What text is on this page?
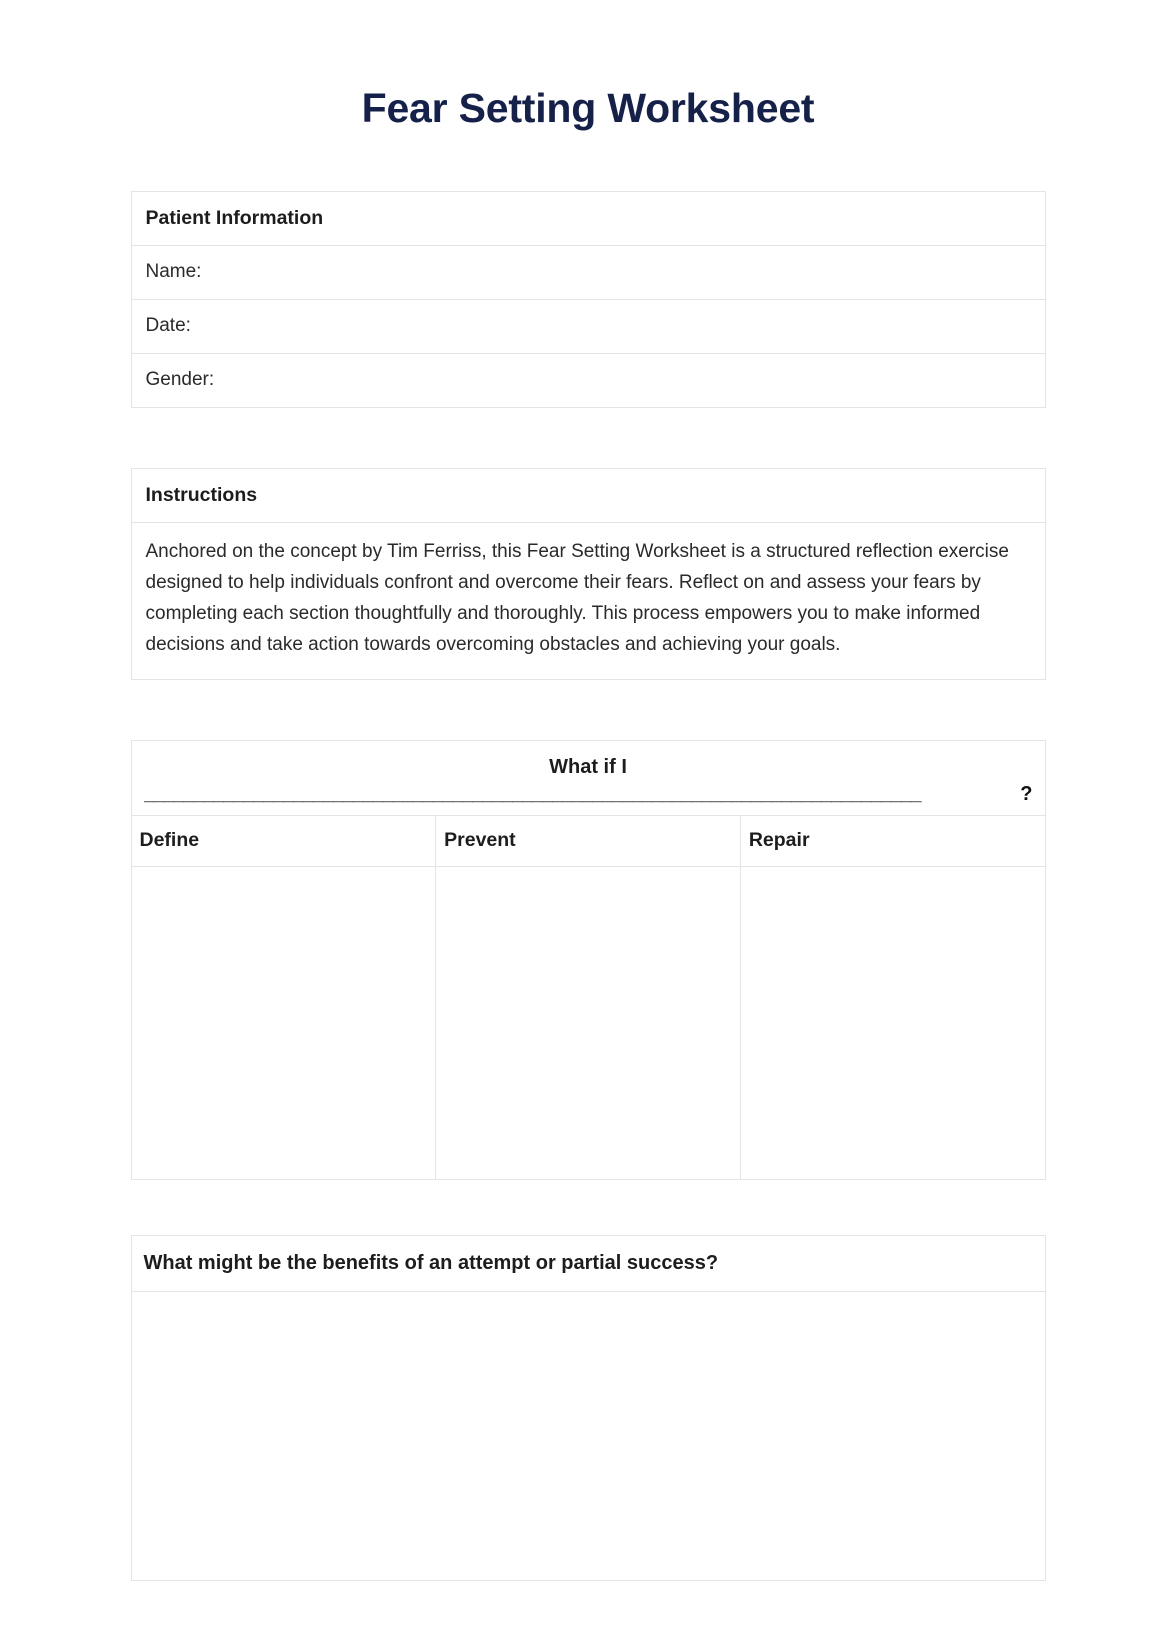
Fear Setting Worksheet
Patient Information
Name:
Date:
Gender:
Instructions
Anchored on the concept by Tim Ferriss, this Fear Setting Worksheet is a structured reflection exercise designed to help individuals confront and overcome their fears. Reflect on and assess your fears by completing each section thoughtfully and thoroughly. This process empowers you to make informed decisions and take action towards overcoming obstacles and achieving your goals.
What if I
______________________________________________________________________________ ?		

Define	Prevent	Repair

What might be the benefits of an attempt or partial success?
